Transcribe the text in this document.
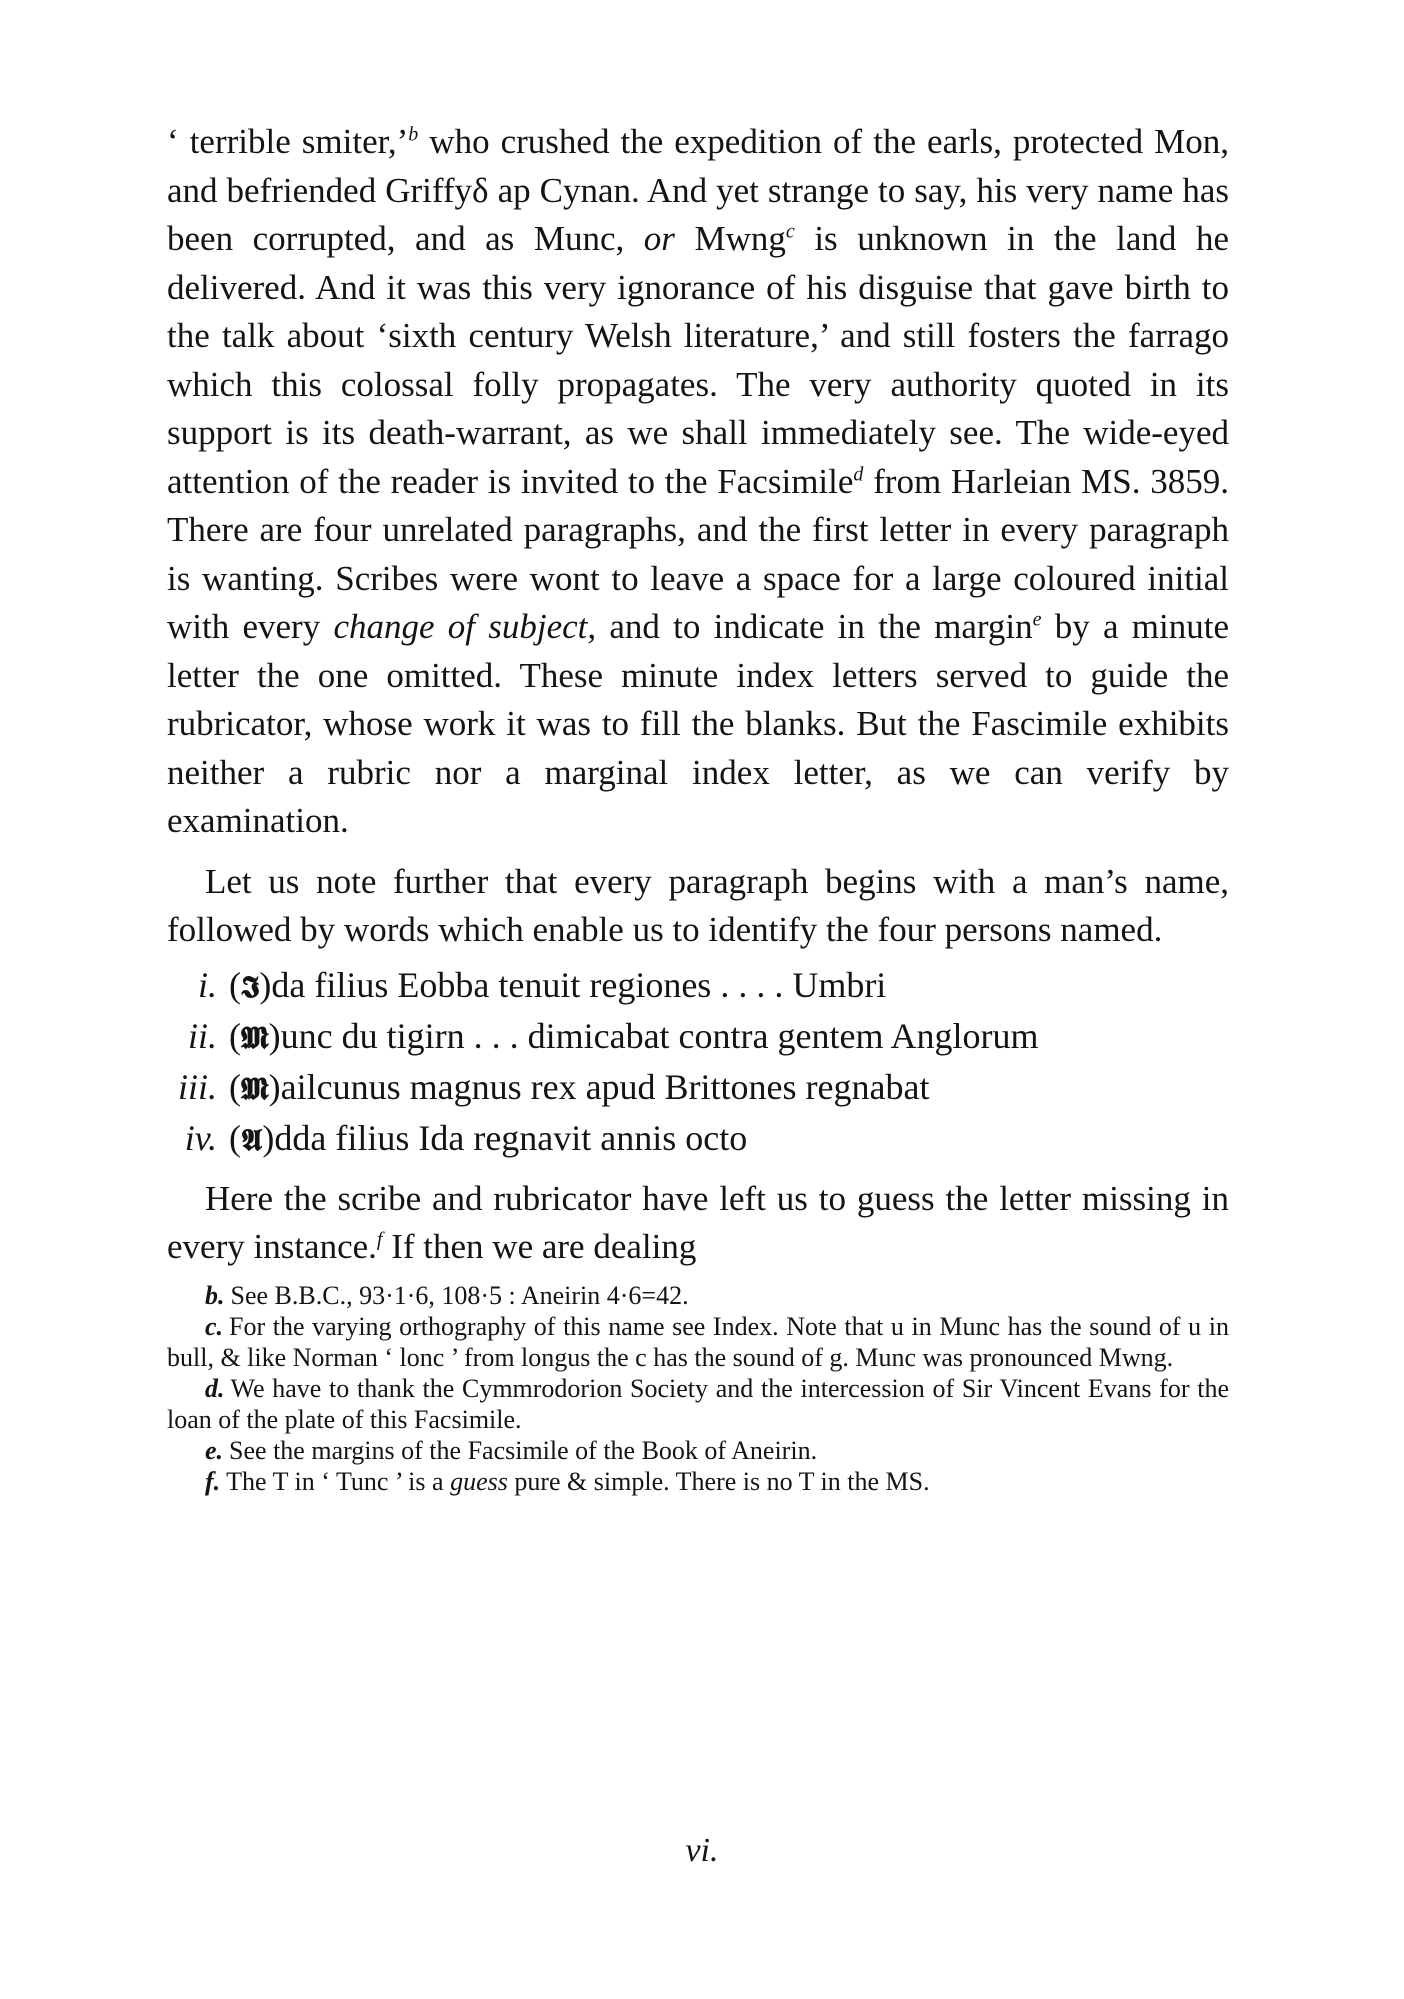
‘ terrible smiter,’$^b$ who crushed the expedition of the earls, protected Mon, and befriended Griffyδ ap Cynan. And yet strange to say, his very name has been corrupted, and as Munc, or Mwng$^c$ is unknown in the land he delivered. And it was this very ignorance of his disguise that gave birth to the talk about ‘sixth century Welsh literature,’ and still fosters the farrago which this colossal folly propagates. The very authority quoted in its support is its death-warrant, as we shall immediately see. The wide-eyed attention of the reader is invited to the Facsimile$^d$ from Harleian MS. 3859. There are four unrelated paragraphs, and the first letter in every paragraph is wanting. Scribes were wont to leave a space for a large coloured initial with every change of subject, and to indicate in the margin$^e$ by a minute letter the one omitted. These minute index letters served to guide the rubricator, whose work it was to fill the blanks. But the Fascimile exhibits neither a rubric nor a marginal index letter, as we can verify by examination.

Let us note further that every paragraph begins with a man’s name, followed by words which enable us to identify the four persons named.

i. (𝕴)da filius Eobba tenuit regiones . . . . Umbri
ii. (𝕸)unc du tigirn . . . dimicabat contra gentem Anglorum
iii. (𝕸)ailcunus magnus rex apud Brittones regnabat
iv. (𝕬)dda filius Ida regnavit annis octo

Here the scribe and rubricator have left us to guess the letter missing in every instance.$^f$ If then we are dealing

b. See B.B.C., 93·1·6, 108·5 : Aneirin 4·6=42.

c. For the varying orthography of this name see Index. Note that u in Munc has the sound of u in bull, & like Norman ‘ lonc ’ from longus the c has the sound of g. Munc was pronounced Mwng.

d. We have to thank the Cymmrodorion Society and the intercession of Sir Vincent Evans for the loan of the plate of this Facsimile.

e. See the margins of the Facsimile of the Book of Aneirin.

f. The T in ‘ Tunc ’ is a guess pure & simple. There is no T in the MS.

vi.
